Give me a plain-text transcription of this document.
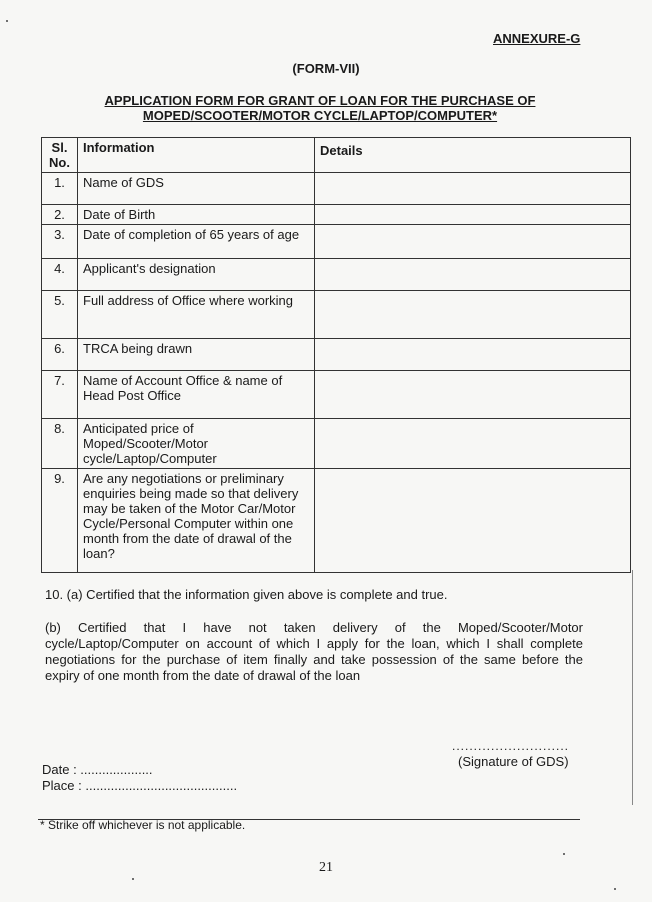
ANNEXURE-G
(FORM-VII)
APPLICATION FORM FOR GRANT OF LOAN FOR THE PURCHASE OF
MOPED/SCOOTER/MOTOR CYCLE/LAPTOP/COMPUTER*
Sl. No.	Information	Details
1.	Name of GDS	
2.	Date of Birth	
3.	Date of completion of 65 years of age	
4.	Applicant's designation	
5.	Full address of Office where working	
6.	TRCA being drawn	
7.	Name of Account Office & name of Head Post Office	
8.	Anticipated price of Moped/Scooter/Motor cycle/Laptop/Computer	
9.	Are any negotiations or preliminary enquiries being made so that delivery may be taken of the Motor Car/Motor Cycle/Personal Computer within one month from the date of drawal of the loan?	
10. (a) Certified that the information given above is complete and true.
(b) Certified that I have not taken delivery of the Moped/Scooter/Motor cycle/Laptop/Computer on account of which I apply for the loan, which I shall complete negotiations for the purchase of item finally and take possession of the same before the expiry of one month from the date of drawal of the loan
...........................
(Signature of GDS)
Date : ....................
Place : ..........................................
* Strike off whichever is not applicable.
21
